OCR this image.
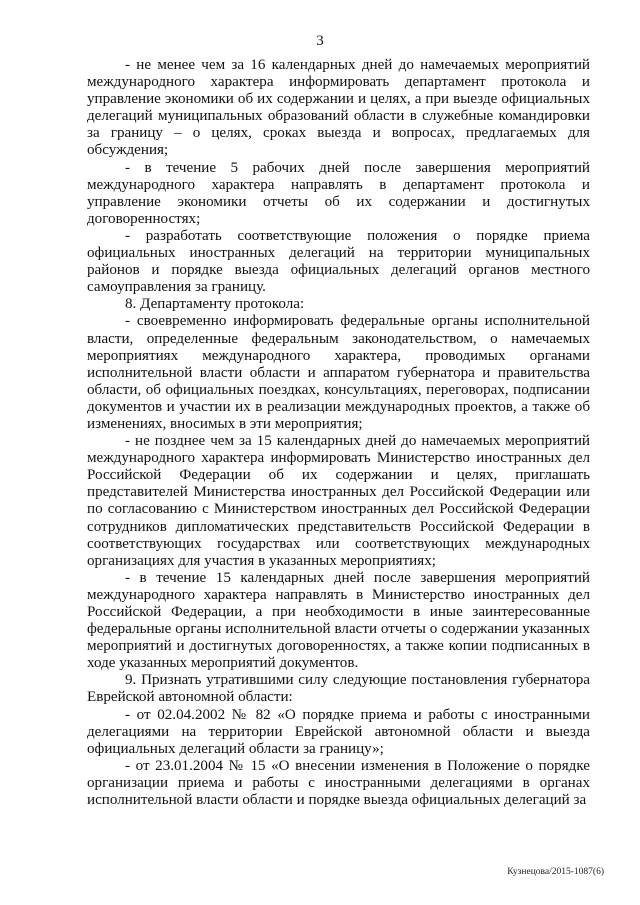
3

- не менее чем за 16 календарных дней до намечаемых мероприятий международного характера информировать департамент протокола и управление экономики об их содержании и целях, а при выезде официальных делегаций муниципальных образований области в служебные командировки за границу – о целях, сроках выезда и вопросах, предлагаемых для обсуждения;

- в течение 5 рабочих дней после завершения мероприятий международного характера направлять в департамент протокола и управление экономики отчеты об их содержании и достигнутых договоренностях;

- разработать соответствующие положения о порядке приема официальных иностранных делегаций на территории муниципальных районов и порядке выезда официальных делегаций органов местного самоуправления за границу.

8. Департаменту протокола:

- своевременно информировать федеральные органы исполнительной власти, определенные федеральным законодательством, о намечаемых мероприятиях международного характера, проводимых органами исполнительной власти области и аппаратом губернатора и правительства области, об официальных поездках, консультациях, переговорах, подписании документов и участии их в реализации международных проектов, а также об изменениях, вносимых в эти мероприятия;

- не позднее чем за 15 календарных дней до намечаемых мероприятий международного характера информировать Министерство иностранных дел Российской Федерации об их содержании и целях, приглашать представителей Министерства иностранных дел Российской Федерации или по согласованию с Министерством иностранных дел Российской Федерации сотрудников дипломатических представительств Российской Федерации в соответствующих государствах или соответствующих международных организациях для участия в указанных мероприятиях;

- в течение 15 календарных дней после завершения мероприятий международного характера направлять в Министерство иностранных дел Российской Федерации, а при необходимости в иные заинтересованные федеральные органы исполнительной власти отчеты о содержании указанных мероприятий и достигнутых договоренностях, а также копии подписанных в ходе указанных мероприятий документов.

9. Признать утратившими силу следующие постановления губернатора Еврейской автономной области:

- от 02.04.2002 № 82 «О порядке приема и работы с иностранными делегациями на территории Еврейской автономной области и выезда официальных делегаций области за границу»;

- от 23.01.2004 № 15 «О внесении изменения в Положение о порядке организации приема и работы с иностранными делегациями в органах исполнительной власти области и порядке выезда официальных делегаций за

Кузнецова/2015-1087(6)
